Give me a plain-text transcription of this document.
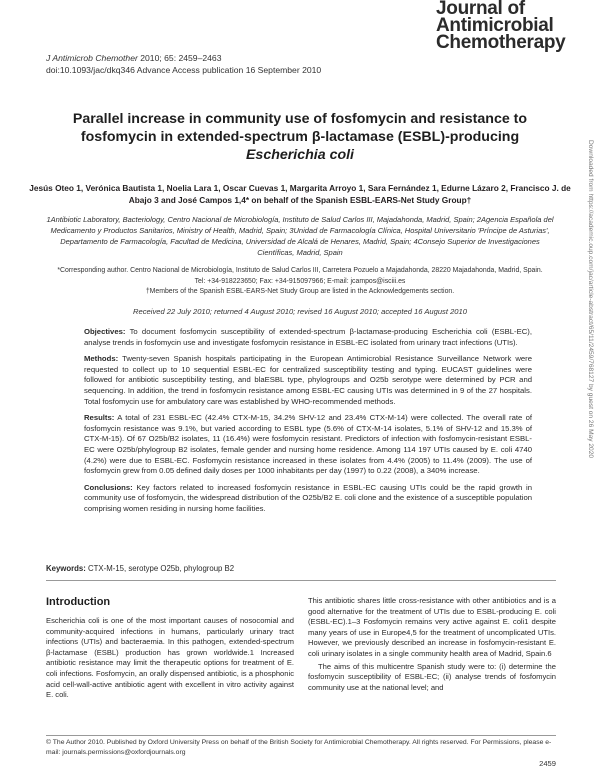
J Antimicrob Chemother 2010; 65: 2459–2463
doi:10.1093/jac/dkq346 Advance Access publication 16 September 2010
Journal of
Antimicrobial
Chemotherapy
Parallel increase in community use of fosfomycin and resistance to fosfomycin in extended-spectrum β-lactamase (ESBL)-producing
Escherichia coli
Jesús Oteo 1, Verónica Bautista 1, Noelia Lara 1, Oscar Cuevas 1, Margarita Arroyo 1, Sara Fernández 1, Edurne Lázaro 2, Francisco J. de Abajo 3 and José Campos 1,4* on behalf of the Spanish ESBL-EARS-Net Study Group†
1Antibiotic Laboratory, Bacteriology, Centro Nacional de Microbiología, Instituto de Salud Carlos III, Majadahonda, Madrid, Spain; 2Agencia Española del Medicamento y Productos Sanitarios, Ministry of Health, Madrid, Spain; 3Unidad de Farmacología Clínica, Hospital Universitario 'Príncipe de Asturias', Departamento de Farmacología, Facultad de Medicina, Universidad de Alcalá de Henares, Madrid, Spain; 4Consejo Superior de Investigaciones Científicas, Madrid, Spain
*Corresponding author. Centro Nacional de Microbiología, Instituto de Salud Carlos III, Carretera Pozuelo a Majadahonda, 28220 Majadahonda, Madrid, Spain. Tel: +34-918223650; Fax: +34-915097966; E-mail: jcampos@isciii.es
†Members of the Spanish ESBL-EARS-Net Study Group are listed in the Acknowledgements section.
Received 22 July 2010; returned 4 August 2010; revised 16 August 2010; accepted 16 August 2010

Objectives: To document fosfomycin susceptibility of extended-spectrum β-lactamase-producing Escherichia coli (ESBL-EC), analyse trends in fosfomycin use and investigate fosfomycin resistance in ESBL-EC isolated from urinary tract infections (UTIs).

Methods: Twenty-seven Spanish hospitals participating in the European Antimicrobial Resistance Surveillance Network were requested to collect up to 10 sequential ESBL-EC for centralized susceptibility testing and typing. EUCAST guidelines were followed for antibiotic susceptibility testing, and blaESBL type, phylogroups and O25b serotype were determined by PCR and sequencing. In addition, the trend in fosfomycin resistance among ESBL-EC causing UTIs was determined in 9 of the 27 hospitals. Total fosfomycin use for ambulatory care was established by WHO-recommended methods.

Results: A total of 231 ESBL-EC (42.4% CTX-M-15, 34.2% SHV-12 and 23.4% CTX-M-14) were collected. The overall rate of fosfomycin resistance was 9.1%, but varied according to ESBL type (5.6% of CTX-M-14 isolates, 5.1% of SHV-12 and 15.3% of CTX-M-15). Of 67 O25b/B2 isolates, 11 (16.4%) were fosfomycin resistant. Predictors of infection with fosfomycin-resistant ESBL-EC were O25b/phylogroup B2 isolates, female gender and nursing home residence. Among 114 197 UTIs caused by E. coli 4740 (4.2%) were due to ESBL-EC. Fosfomycin resistance increased in these isolates from 4.4% (2005) to 11.4% (2009). The use of fosfomycin grew from 0.05 defined daily doses per 1000 inhabitants per day (1997) to 0.22 (2008), a 340% increase.

Conclusions: Key factors related to increased fosfomycin resistance in ESBL-EC causing UTIs could be the rapid growth in community use of fosfomycin, the widespread distribution of the O25b/B2 E. coli clone and the existence of a susceptible population comprising women residing in nursing home facilities.

Keywords: CTX-M-15, serotype O25b, phylogroup B2
Introduction
Escherichia coli is one of the most important causes of nosocomial and community-acquired infections in humans, particularly urinary tract infections (UTIs) and bacteraemia. In this pathogen, extended-spectrum β-lactamase (ESBL) production has grown worldwide.1 Increased antibiotic resistance may limit the therapeutic options for treatment of E. coli infections. Fosfomycin, an orally dispensed antibiotic, is a phosphonic acid cell-wall-active antibiotic agent with excellent in vitro activity against E. coli.

This antibiotic shares little cross-resistance with other antibiotics and is a good alternative for the treatment of UTIs due to ESBL-producing E. coli (ESBL-EC).1–3 Fosfomycin remains very active against E. coli1 despite many years of use in Europe4,5 for the treatment of uncomplicated UTIs. However, we previously described an increase in fosfomycin-resistant E. coli urinary isolates in a single community health area of Madrid, Spain.6

The aims of this multicentre Spanish study were to: (i) determine the fosfomycin susceptibility of ESBL-EC; (ii) analyse trends of fosfomycin community use at the national level; and

© The Author 2010. Published by Oxford University Press on behalf of the British Society for Antimicrobial Chemotherapy. All rights reserved. For Permissions, please e-mail: journals.permissions@oxfordjournals.org
2459
Downloaded from https://academic.oup.com/jac/article-abstract/65/11/2459/768127 by guest on 26 May 2020
